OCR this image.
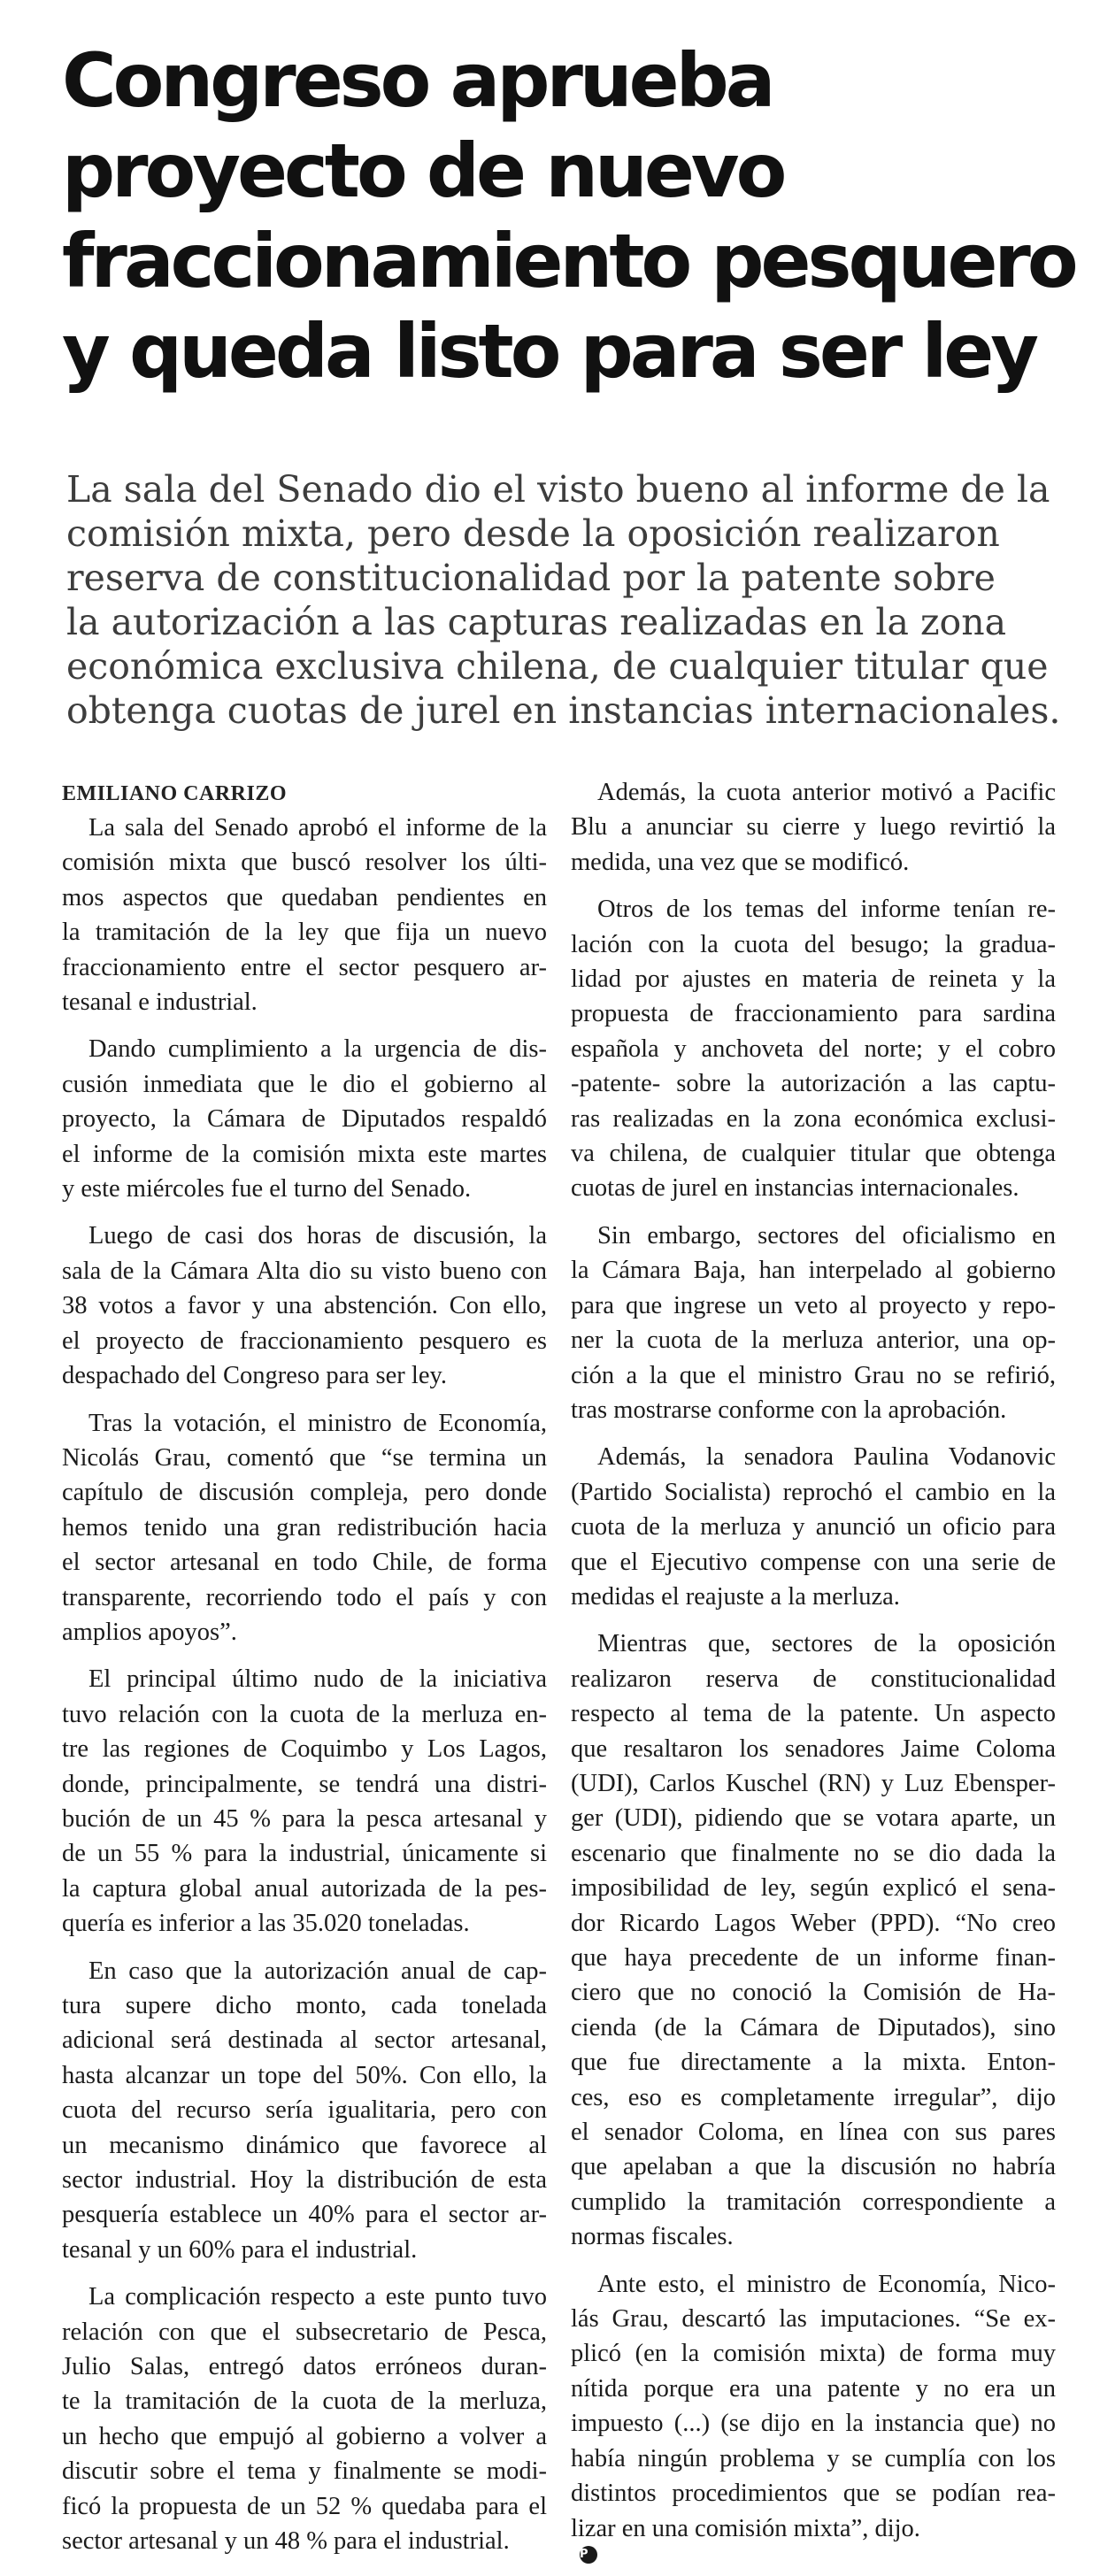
Congreso aprueba
proyecto de nuevo
fraccionamiento pesquero
y queda listo para ser ley

La sala del Senado dio el visto bueno al informe de la
comisión mixta, pero desde la oposición realizaron
reserva de constitucionalidad por la patente sobre
la autorización a las capturas realizadas en la zona
económica exclusiva chilena, de cualquier titular que
obtenga cuotas de jurel en instancias internacionales.

EMILIANO CARRIZO

La sala del Senado aprobó el informe de la
comisión mixta que buscó resolver los últi-
mos aspectos que quedaban pendientes en
la tramitación de la ley que fija un nuevo
fraccionamiento entre el sector pesquero ar-
tesanal e industrial.

Dando cumplimiento a la urgencia de dis-
cusión inmediata que le dio el gobierno al
proyecto, la Cámara de Diputados respaldó
el informe de la comisión mixta este martes
y este miércoles fue el turno del Senado.

Luego de casi dos horas de discusión, la
sala de la Cámara Alta dio su visto bueno con
38 votos a favor y una abstención. Con ello,
el proyecto de fraccionamiento pesquero es
despachado del Congreso para ser ley.

Tras la votación, el ministro de Economía,
Nicolás Grau, comentó que “se termina un
capítulo de discusión compleja, pero donde
hemos tenido una gran redistribución hacia
el sector artesanal en todo Chile, de forma
transparente, recorriendo todo el país y con
amplios apoyos”.

El principal último nudo de la iniciativa
tuvo relación con la cuota de la merluza en-
tre las regiones de Coquimbo y Los Lagos,
donde, principalmente, se tendrá una distri-
bución de un 45 % para la pesca artesanal y
de un 55 % para la industrial, únicamente si
la captura global anual autorizada de la pes-
quería es inferior a las 35.020 toneladas.

En caso que la autorización anual de cap-
tura supere dicho monto, cada tonelada
adicional será destinada al sector artesanal,
hasta alcanzar un tope del 50%. Con ello, la
cuota del recurso sería igualitaria, pero con
un mecanismo dinámico que favorece al
sector industrial. Hoy la distribución de esta
pesquería establece un 40% para el sector ar-
tesanal y un 60% para el industrial.

La complicación respecto a este punto tuvo
relación con que el subsecretario de Pesca,
Julio Salas, entregó datos erróneos duran-
te la tramitación de la cuota de la merluza,
un hecho que empujó al gobierno a volver a
discutir sobre el tema y finalmente se modi-
ficó la propuesta de un 52 % quedaba para el
sector artesanal y un 48 % para el industrial.

Además, la cuota anterior motivó a Pacific
Blu a anunciar su cierre y luego revirtió la
medida, una vez que se modificó.

Otros de los temas del informe tenían re-
lación con la cuota del besugo; la gradua-
lidad por ajustes en materia de reineta y la
propuesta de fraccionamiento para sardina
española y anchoveta del norte; y el cobro
-patente- sobre la autorización a las captu-
ras realizadas en la zona económica exclusi-
va chilena, de cualquier titular que obtenga
cuotas de jurel en instancias internacionales.

Sin embargo, sectores del oficialismo en
la Cámara Baja, han interpelado al gobierno
para que ingrese un veto al proyecto y repo-
ner la cuota de la merluza anterior, una op-
ción a la que el ministro Grau no se refirió,
tras mostrarse conforme con la aprobación.

Además, la senadora Paulina Vodanovic
(Partido Socialista) reprochó el cambio en la
cuota de la merluza y anunció un oficio para
que el Ejecutivo compense con una serie de
medidas el reajuste a la merluza.

Mientras que, sectores de la oposición
realizaron reserva de constitucionalidad
respecto al tema de la patente. Un aspecto
que resaltaron los senadores Jaime Coloma
(UDI), Carlos Kuschel (RN) y Luz Ebensper-
ger (UDI), pidiendo que se votara aparte, un
escenario que finalmente no se dio dada la
imposibilidad de ley, según explicó el sena-
dor Ricardo Lagos Weber (PPD). “No creo
que haya precedente de un informe finan-
ciero que no conoció la Comisión de Ha-
cienda (de la Cámara de Diputados), sino
que fue directamente a la mixta. Enton-
ces, eso es completamente irregular”, dijo
el senador Coloma, en línea con sus pares
que apelaban a que la discusión no habría
cumplido la tramitación correspondiente a
normas fiscales.

Ante esto, el ministro de Economía, Nico-
lás Grau, descartó las imputaciones. “Se ex-
plicó (en la comisión mixta) de forma muy
nítida porque era una patente y no era un
impuesto (...) (se dijo en la instancia que) no
había ningún problema y se cumplía con los
distintos procedimientos que se podían rea-
lizar en una comisión mixta”, dijo.
P
